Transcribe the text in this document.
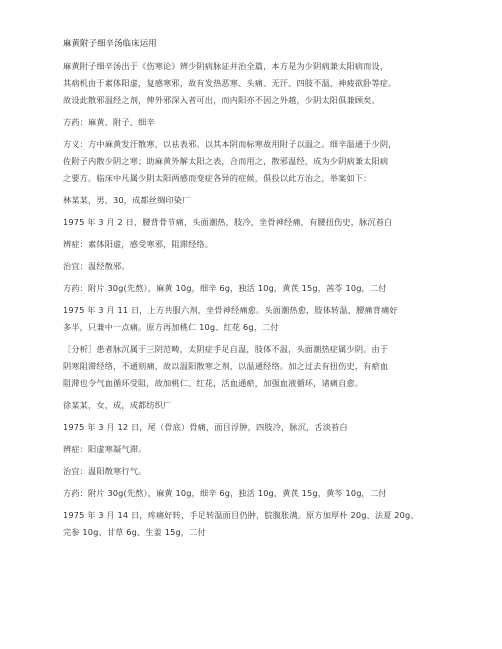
麻黄附子细辛汤临床运用
麻黄附子细辛汤出于《伤寒论》辨少阴病脉证并治全篇，本方是为少阴病兼太阳病而设，
其病机由于素体阳虚，复感寒邪，故有发热恶寒、头痛、无汗、四肢不温、神疲欲卧等症。
故设此散邪温经之剂，俾外邪深入者可出，而内阳亦不因之外越，少阴太阳俱兼顾矣。
方药：麻黄、附子、细辛
方义：方中麻黄发汗散寒，以祛表邪。以其本阴而标寒故用附子以温之。细辛温通于少阴，
佐附子内散少阴之寒；助麻黄外解太阳之表，合而用之，散邪温经，成为少阴病兼太阳病
之要方。临床中凡属少阴太阳两感而变症各异的症候，俱投以此方治之，举案如下：
林某某，男，30，成都丝绸印染厂
1975 年 3 月 2 日，腰背骨节痛，头面潮热，肢冷，坐骨神经痛，有腰扭伤史，脉沉苔白
辨症：素体阳虚，感受寒邪，阻滞经络。
治宜：温经散邪。
方药：附片 30g(先熬），麻黄 10g，细辛 6g，独活 10g，黄芪 15g，茜苓 10g，二付
1975 年 3 月 11 日，上方共服六剂，坐骨神经痛愈。头面潮热愈，肢体转温，腰痛背痛好
多半，只兼中一点痛。原方再加桃仁 10g、红花 6g，二付
［分析］患者脉沉属于三阴范畴，太阴症手足自温，肢体不温，头面潮热症属少阴。由于
阴寒阻滞经络，不通则痛，故以温阳散寒之剂，以温通经络。加之过去有扭伤史，有瘀血
阻滞也令气血循环受阻，故加桃仁、红花，活血通瘀，加强血液循环，诸痛自愈。
徐某某，女，成，成都纺织厂
1975 年 3 月 12 日，尾（骨底）骨痛，面目浮肿，四肢冷，脉沉，舌淡苔白
辨症：阳虚寒凝气滞。
治宜：温阳散寒行气。
方药：附片 30g(先熬），麻黄 10g，细辛 6g，独活 10g，黄芪 15g，黄芩 10g，二付
1975 年 3 月 14 日，疼痛好转，手足转温面目仍肿，脘腹胀满。原方加厚朴 20g、法夏 20g、
完参 10g、甘草 6g、生姜 15g，二付
